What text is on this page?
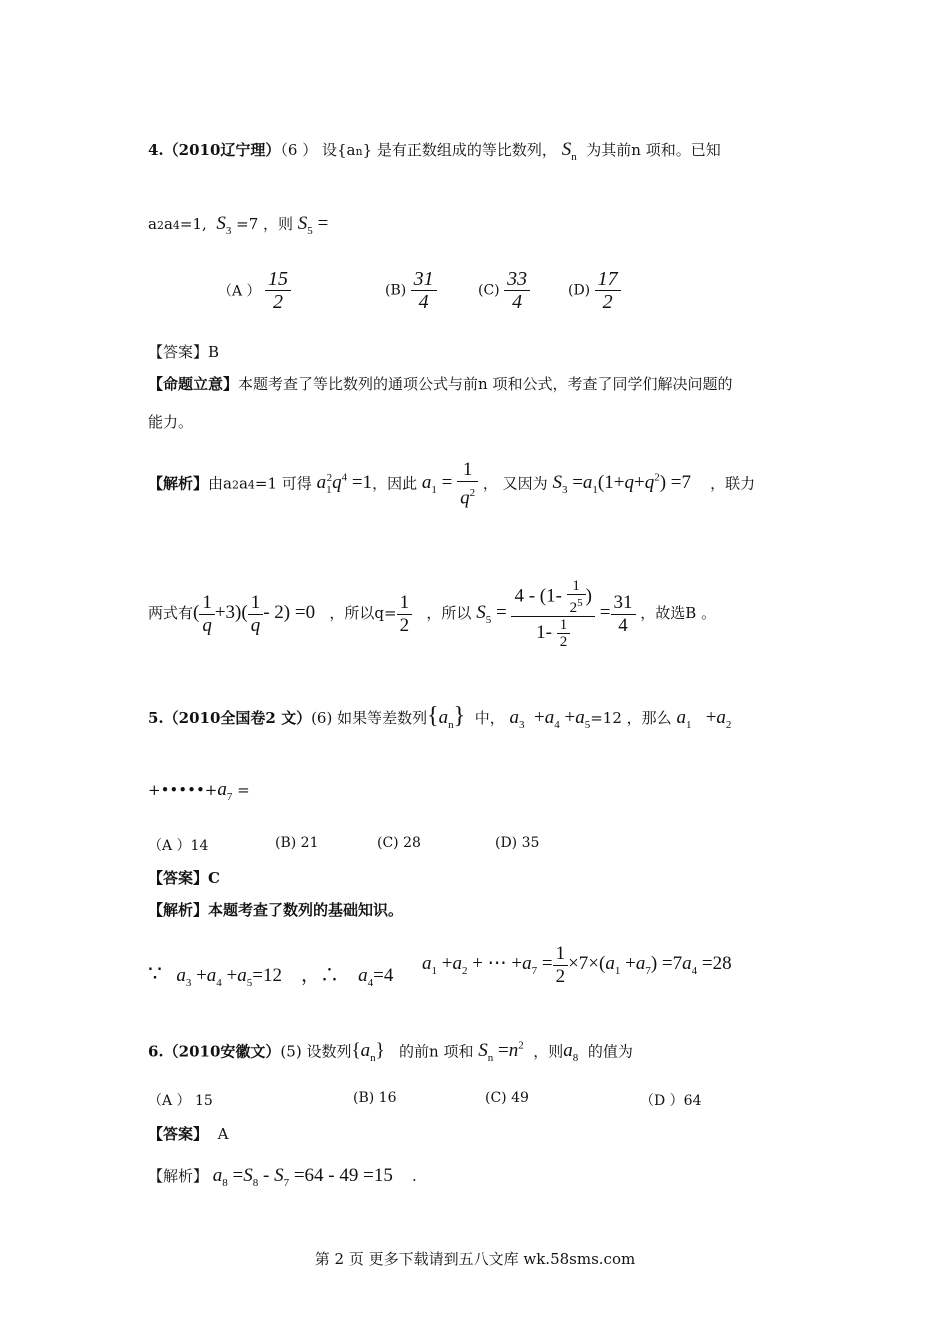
4.（2010辽宁理）（6 ） 设{an} 是有正数组成的等比数列， $S_n$ 为其前n 项和。已知
a2a4=1, $S_3 =7$ ，则 $S_5$ =
（A ） $\frac{15}{2}$	$(B) \frac{31}{4}$	$(C) \frac{33}{4}$	$(D) \frac{17}{2}$
【答案】B
【命题立意】本题考查了等比数列的通项公式与前n 项和公式，考查了同学们解决问题的
能力。
【解析】由a2a4=1 可得 $a_1^2q^4 =1$，因此 $a_1 = \frac{1}{q^2}$ ， 又因为 $S_3 =a_1(1+q+q^2) =7$ ，联力
两式有( $\frac{1}{q} +3)( \frac{1}{q} - 2) =0$ ，所以$q= \frac{1}{2}$ ，所以 $S_5 = \frac{4 - (1- \frac{1}{2^5} )}{1- \frac{1}{2}} = \frac{31}{4}$ ，故选B 。
5.（2010全国卷2 文）(6) 如果等差数列$\{a_n\}$ 中， $a_3 +a_4 +a_5=12$ ，那么 $a_1 +a_2$
$+•••••+a_7$ =
（A ）14	(B) 21	(C) 28	(D) 35
【答案】C
【解析】本题考查了数列的基础知识。
∵ $a_3 +a_4 +a_5=12$ ，∴ $a_4=4$      $a_1 +a_2$ + ⋯ $+a_7 = \frac{1}{2} \times 7\times(a_1 +a_7) =7a_4 =28$
6.（2010安徽文）(5) 设数列$\{a_n\}$ 的前n 项和 $S_n =n^2$ ，则$a_8$ 的值为
（A ） 15	(B) 16	(C) 49	（D ）64
【答案】 A
【解析】 $a_8 =S_8 - S_7 =64 - 49 =15$ .
第 2 页 更多下载请到五八文库 wk.58sms.com
